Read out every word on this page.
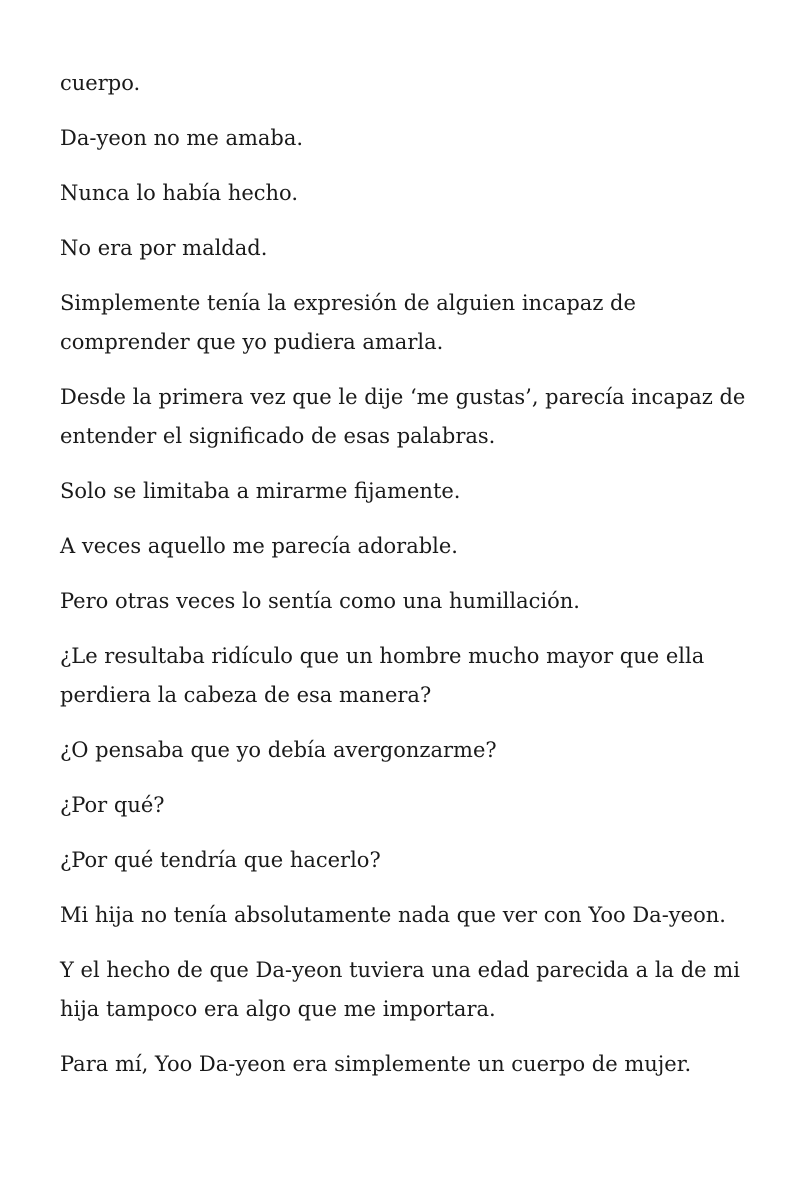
cuerpo.

Da-yeon no me amaba.

Nunca lo había hecho.

No era por maldad.

Simplemente tenía la expresión de alguien incapaz de comprender que yo pudiera amarla.

Desde la primera vez que le dije ‘me gustas’, parecía incapaz de entender el significado de esas palabras.

Solo se limitaba a mirarme fijamente.

A veces aquello me parecía adorable.

Pero otras veces lo sentía como una humillación.

¿Le resultaba ridículo que un hombre mucho mayor que ella perdiera la cabeza de esa manera?

¿O pensaba que yo debía avergonzarme?

¿Por qué?

¿Por qué tendría que hacerlo?

Mi hija no tenía absolutamente nada que ver con Yoo Da-yeon.

Y el hecho de que Da-yeon tuviera una edad parecida a la de mi hija tampoco era algo que me importara.

Para mí, Yoo Da-yeon era simplemente un cuerpo de mujer.
